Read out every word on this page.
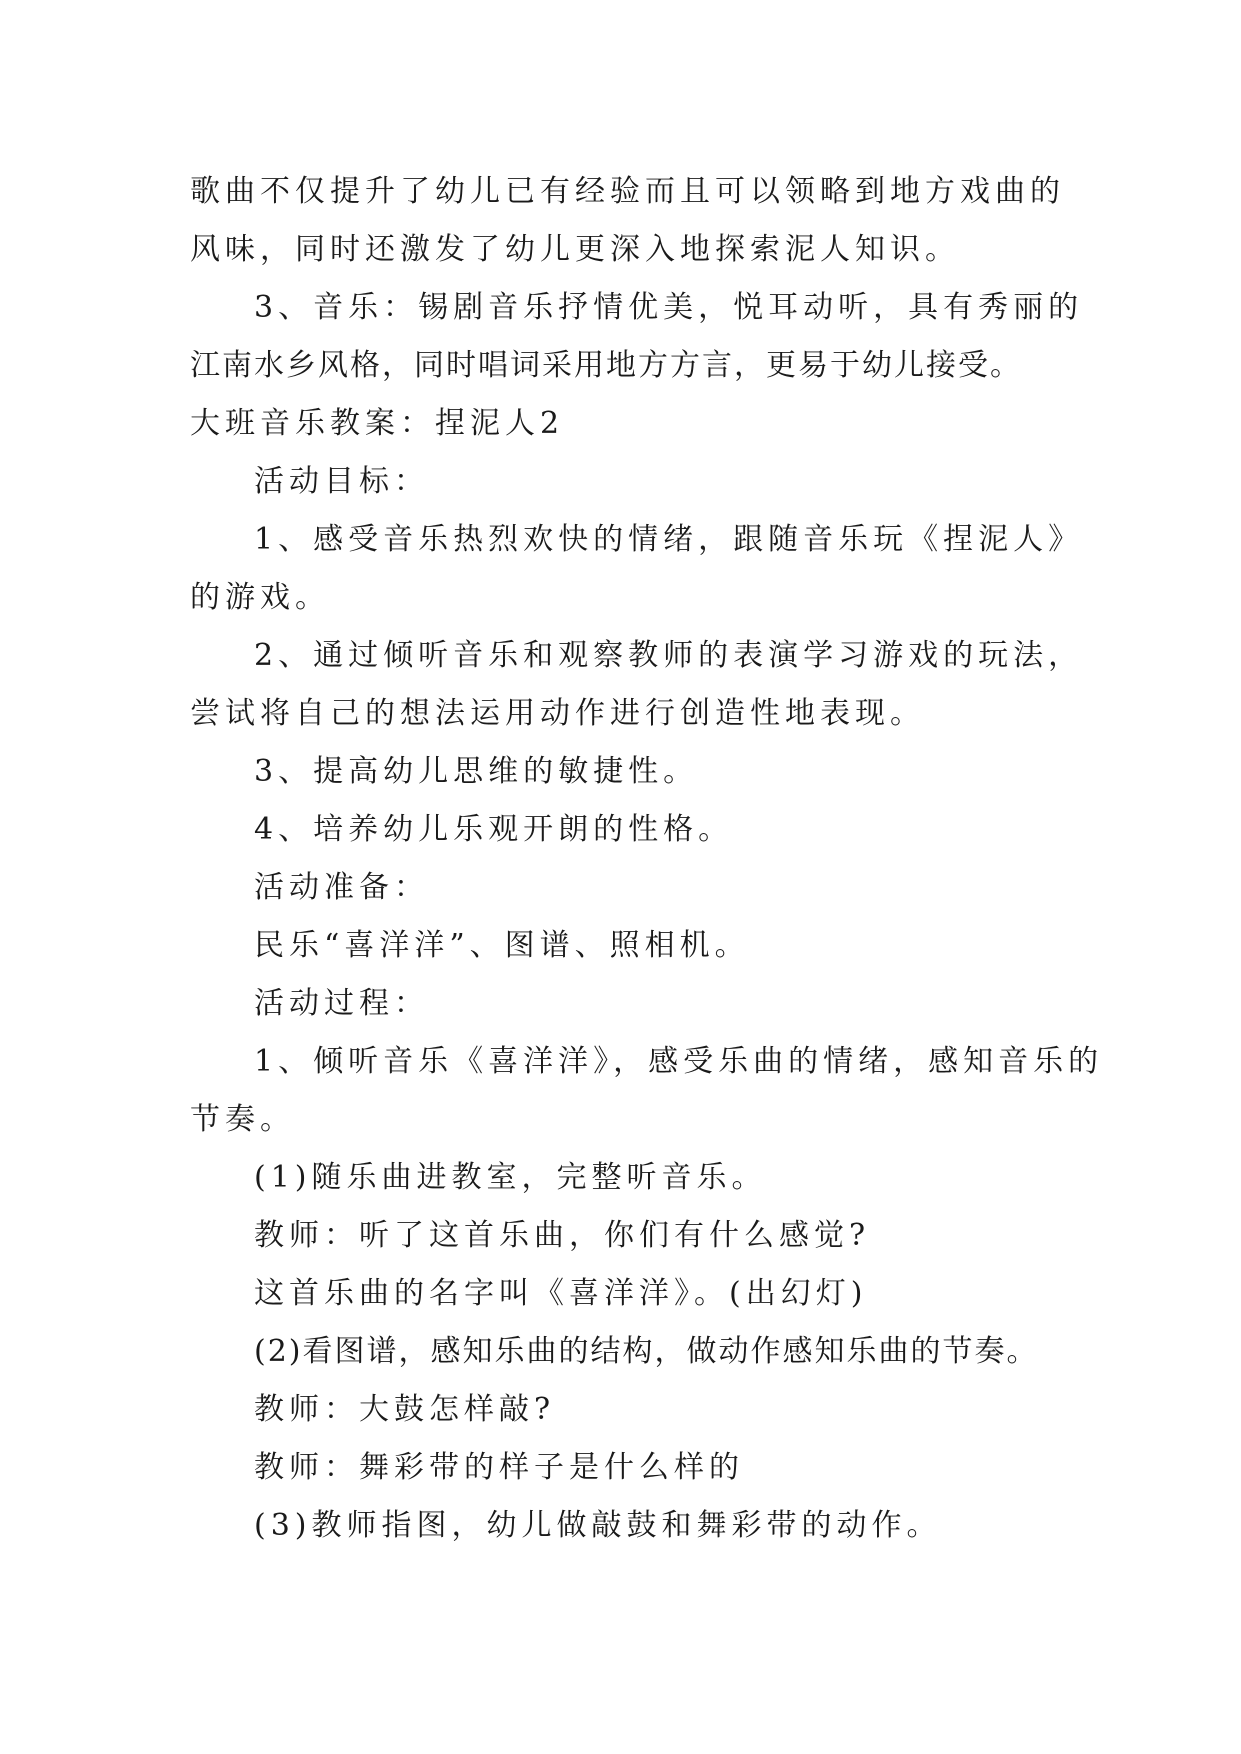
歌曲不仅提升了幼儿已有经验而且可以领略到地方戏曲的
风味，同时还激发了幼儿更深入地探索泥人知识。
3、音乐：锡剧音乐抒情优美，悦耳动听，具有秀丽的
江南水乡风格，同时唱词采用地方方言，更易于幼儿接受。
大班音乐教案：捏泥人2
活动目标：
1、感受音乐热烈欢快的情绪，跟随音乐玩《捏泥人》
的游戏。
2、通过倾听音乐和观察教师的表演学习游戏的玩法，
尝试将自己的想法运用动作进行创造性地表现。
3、提高幼儿思维的敏捷性。
4、培养幼儿乐观开朗的性格。
活动准备：
民乐“喜洋洋”、图谱、照相机。
活动过程：
1、倾听音乐《喜洋洋》，感受乐曲的情绪，感知音乐的
节奏。
(1)随乐曲进教室，完整听音乐。
教师：听了这首乐曲，你们有什么感觉?
这首乐曲的名字叫《喜洋洋》。(出幻灯)
(2)看图谱，感知乐曲的结构，做动作感知乐曲的节奏。
教师：大鼓怎样敲?
教师：舞彩带的样子是什么样的
(3)教师指图，幼儿做敲鼓和舞彩带的动作。
